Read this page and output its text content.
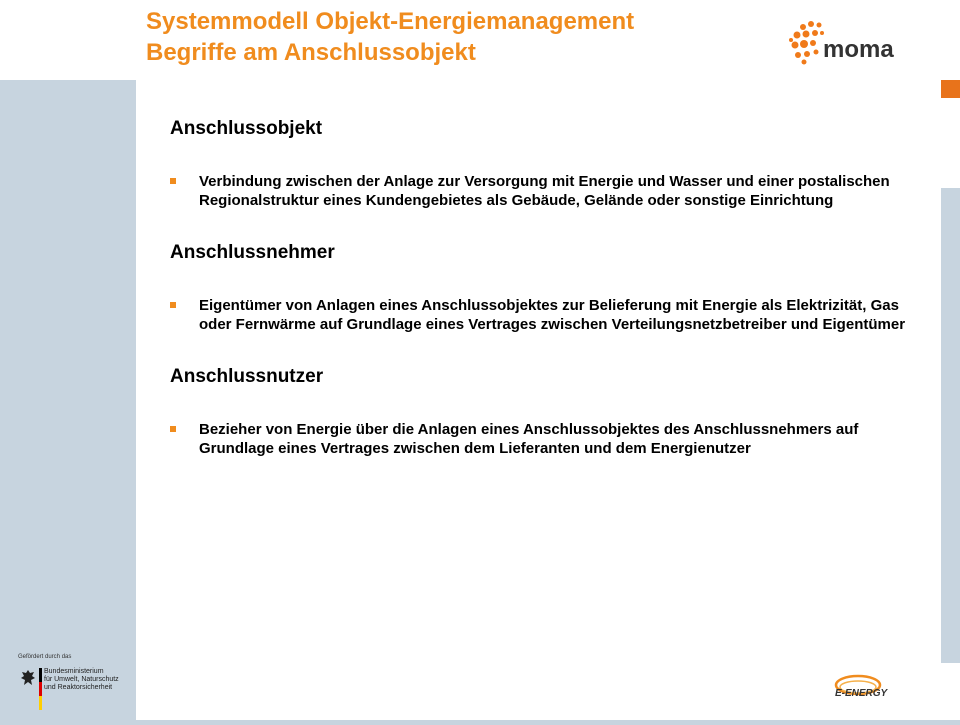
Systemmodell Objekt-Energiemanagement
Begriffe am Anschlussobjekt	moma
Anschlussobjekt
Verbindung zwischen der Anlage zur Versorgung mit Energie und Wasser und einer postalischen Regionalstruktur eines Kundengebietes als Gebäude, Gelände oder sonstige Einrichtung
Anschlussnehmer
Eigentümer von Anlagen eines Anschlussobjektes zur Belieferung mit Energie als Elektrizität, Gas oder Fernwärme auf Grundlage eines Vertrages zwischen Verteilungsnetzbetreiber und Eigentümer
Anschlussnutzer
Bezieher von Energie über die Anlagen eines Anschlussobjektes des Anschlussnehmers auf Grundlage eines Vertrages zwischen dem Lieferanten und dem Energienutzer
Gefördert durch das
Bundesministerium
für Umwelt, Naturschutz
und Reaktorsicherheit
E-ENERGY
